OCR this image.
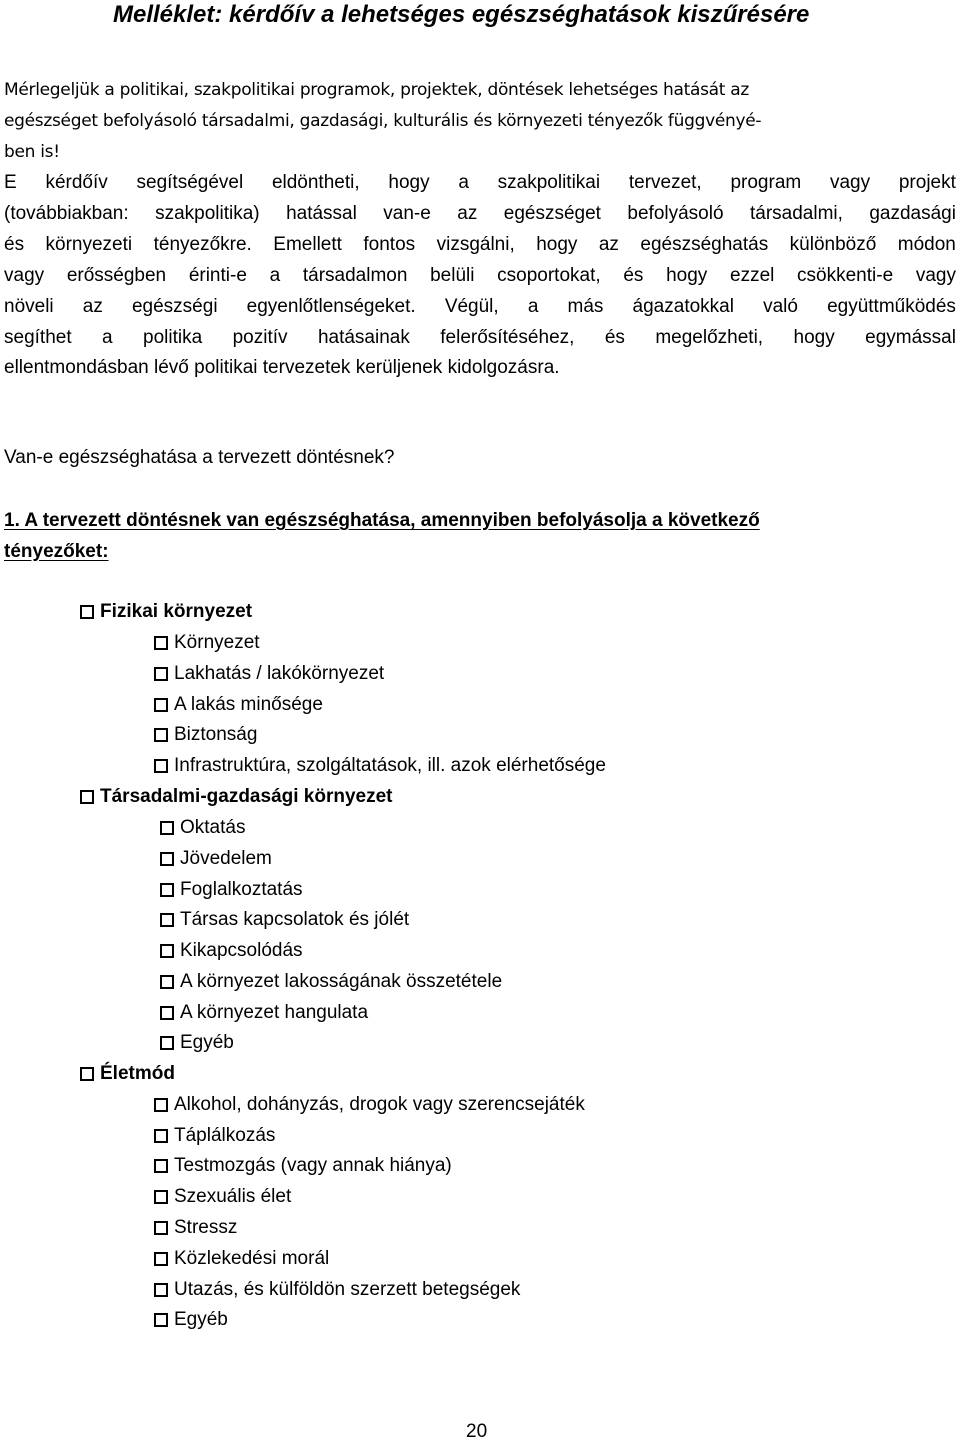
Melléklet: kérdőív a lehetséges egészséghatások kiszűrésére
Mérlegeljük a politikai, szakpolitikai programok, projektek, döntések lehetséges hatását az
egészséget befolyásoló társadalmi, gazdasági, kulturális és környezeti tényezők függvényé-
ben is!
E kérdőív segítségével eldöntheti, hogy a szakpolitikai tervezet, program vagy projekt
(továbbiakban: szakpolitika) hatással van-e az egészséget befolyásoló társadalmi, gazdasági
és környezeti tényezőkre. Emellett fontos vizsgálni, hogy az egészséghatás különböző módon
vagy erősségben érinti-e a társadalmon belüli csoportokat, és hogy ezzel csökkenti-e vagy
növeli az egészségi egyenlőtlenségeket. Végül, a más ágazatokkal való együttműködés
segíthet a politika pozitív hatásainak felerősítéséhez, és megelőzheti, hogy egymással
ellentmondásban lévő politikai tervezetek kerüljenek kidolgozásra.
Van-e egészséghatása a tervezett döntésnek?
1. A tervezett döntésnek van egészséghatása, amennyiben befolyásolja a következő
tényezőket:
Fizikai környezet
Környezet
Lakhatás / lakókörnyezet
A lakás minősége
Biztonság
Infrastruktúra, szolgáltatások, ill. azok elérhetősége
Társadalmi-gazdasági környezet
Oktatás
Jövedelem
Foglalkoztatás
Társas kapcsolatok és jólét
Kikapcsolódás
A környezet lakosságának összetétele
A környezet hangulata
Egyéb
Életmód
Alkohol, dohányzás, drogok vagy szerencsejáték
Táplálkozás
Testmozgás (vagy annak hiánya)
Szexuális élet
Stressz
Közlekedési morál
Utazás, és külföldön szerzett betegségek
Egyéb
20
